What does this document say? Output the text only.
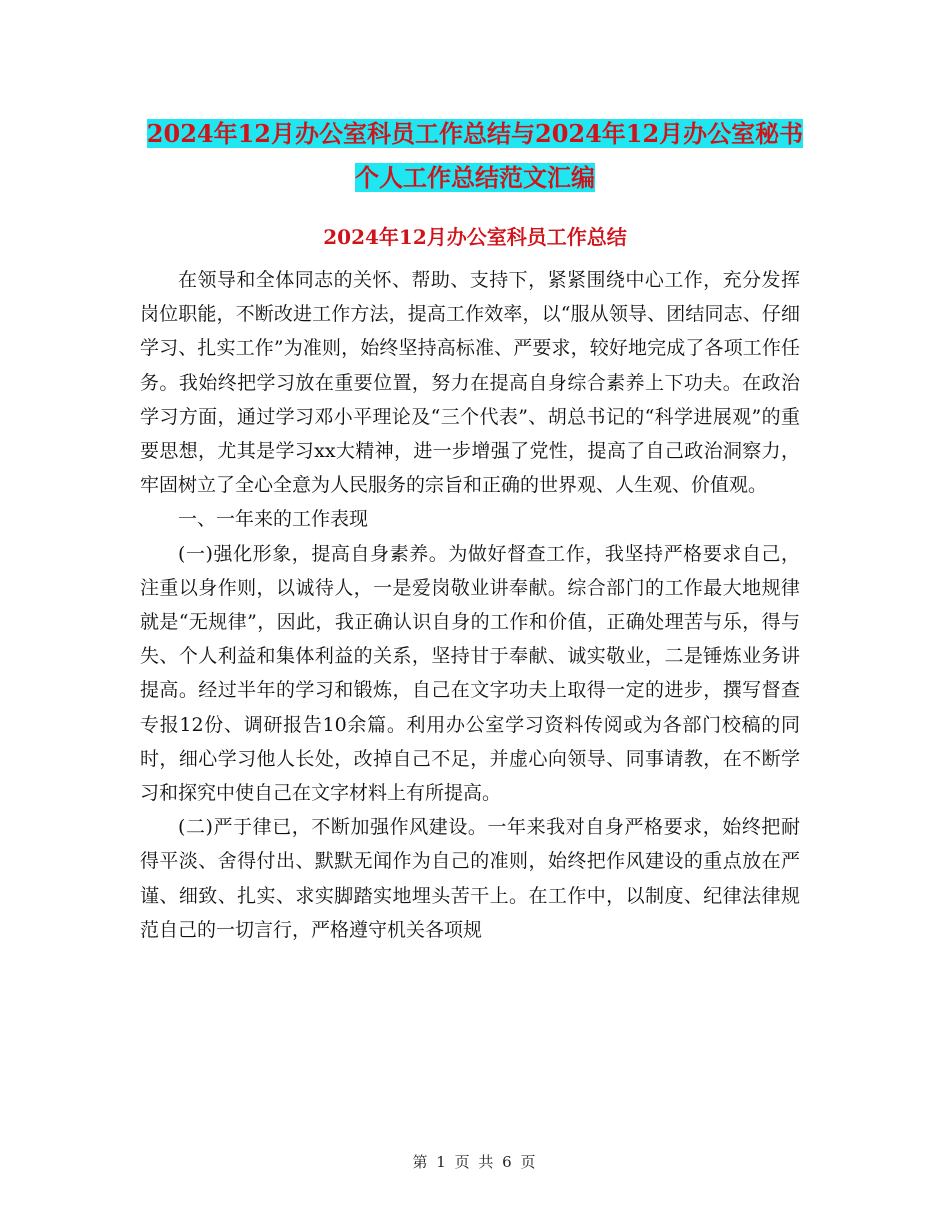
2024年12月办公室科员工作总结与2024年12月办公室秘书个人工作总结范文汇编
2024年12月办公室科员工作总结

在领导和全体同志的关怀、帮助、支持下，紧紧围绕中心工作，充分发挥岗位职能，不断改进工作方法，提高工作效率，以“服从领导、团结同志、仔细学习、扎实工作”为准则，始终坚持高标准、严要求，较好地完成了各项工作任务。我始终把学习放在重要位置，努力在提高自身综合素养上下功夫。在政治学习方面，通过学习邓小平理论及“三个代表”、胡总书记的“科学进展观”的重要思想，尤其是学习xx大精神，进一步增强了党性，提高了自己政治洞察力，牢固树立了全心全意为人民服务的宗旨和正确的世界观、人生观、价值观。

一、一年来的工作表现

(一)强化形象，提高自身素养。为做好督查工作，我坚持严格要求自己，注重以身作则，以诚待人，一是爱岗敬业讲奉献。综合部门的工作最大地规律就是“无规律”，因此，我正确认识自身的工作和价值，正确处理苦与乐，得与失、个人利益和集体利益的关系，坚持甘于奉献、诚实敬业，二是锤炼业务讲提高。经过半年的学习和锻炼，自己在文字功夫上取得一定的进步，撰写督查专报12份、调研报告10余篇。利用办公室学习资料传阅或为各部门校稿的同时，细心学习他人长处，改掉自己不足，并虚心向领导、同事请教，在不断学习和探究中使自己在文字材料上有所提高。

(二)严于律已，不断加强作风建设。一年来我对自身严格要求，始终把耐得平淡、舍得付出、默默无闻作为自己的准则，始终把作风建设的重点放在严谨、细致、扎实、求实脚踏实地埋头苦干上。在工作中，以制度、纪律法律规范自己的一切言行，严格遵守机关各项规

第 1 页 共 6 页
